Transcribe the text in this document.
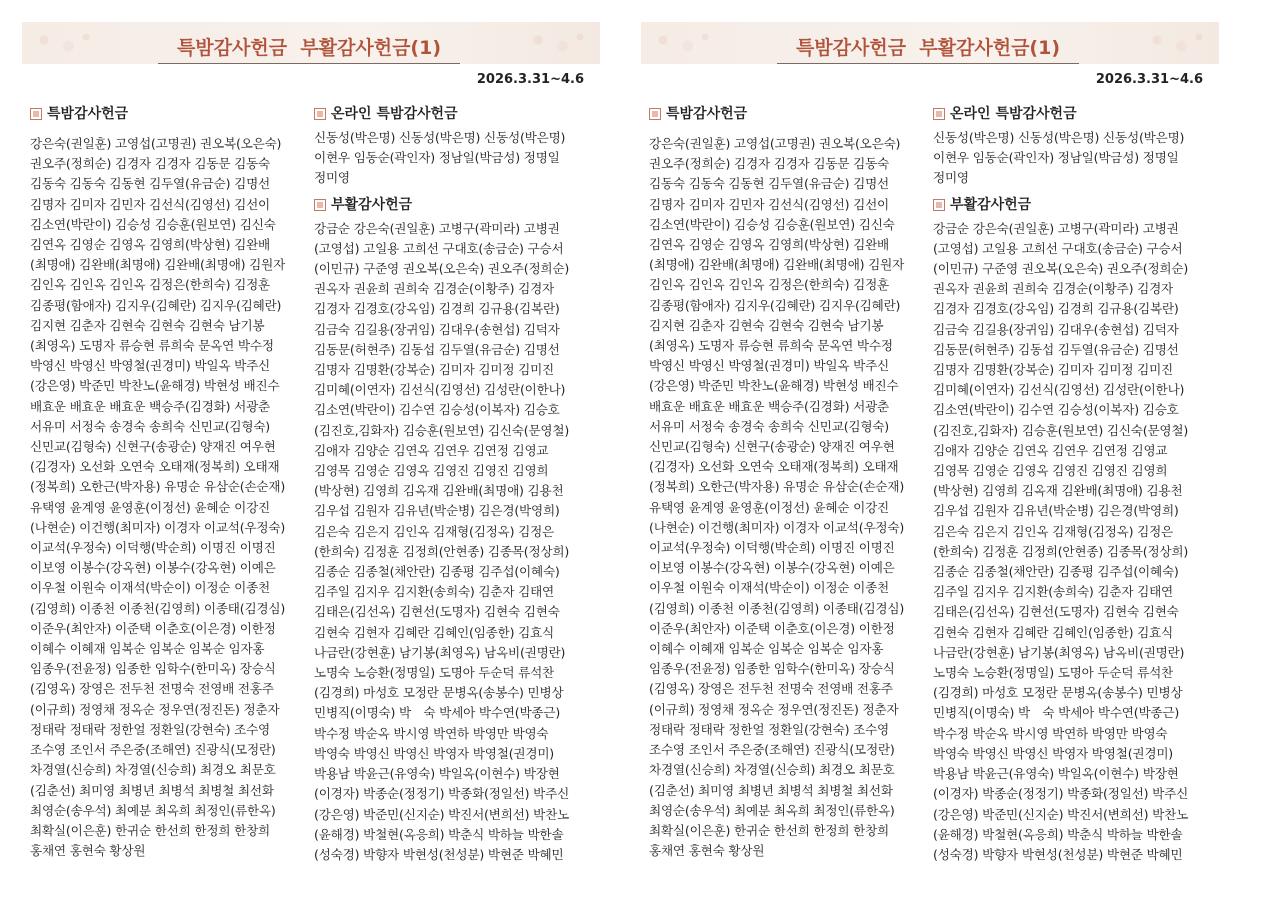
특밤감사헌금  부활감사헌금(1)
2026.3.31~4.6
특밤감사헌금
강은숙(권일훈) 고영섭(고명권) 권오복(오은숙)
권오주(정희순) 김경자 김경자 김동문 김동숙
김동숙 김동숙 김동현 김두열(유금순) 김명선
김명자 김미자 김민자 김선식(김영선) 김선이
김소연(박란이) 김승성 김승훈(원보연) 김신숙
김연옥 김영순 김영옥 김영희(박상현) 김완배
(최명애) 김완배(최명애) 김완배(최명애) 김원자
김인옥 김인옥 김인옥 김정은(한희숙) 김정훈
김종평(함애자) 김지우(김혜란) 김지우(김혜란)
김지현 김춘자 김현숙 김현숙 김현숙 남기봉
(최영옥) 도명자 류승현 류희숙 문옥연 박수정
박영신 박영신 박영철(권경미) 박일옥 박주신
(강은영) 박준민 박찬노(윤해경) 박현성 배진수
배효운 배효운 배효운 백승주(김경화) 서광춘
서유미 서정숙 송경숙 송희숙 신민교(김형숙)
신민교(김형숙) 신현구(송광순) 양재진 여우현
(김경자) 오선화 오연숙 오태재(정복희) 오태재
(정복희) 오한근(박자용) 유명순 유삼순(손순재)
유택영 윤계영 윤영훈(이정선) 윤혜순 이강진
(나현순) 이건행(최미자) 이경자 이교석(우정숙)
이교석(우정숙) 이덕행(박순희) 이명진 이명진
이보영 이봉수(강옥현) 이봉수(강옥현) 이예은
이우철 이원숙 이재석(박순이) 이정순 이종천
(김영희) 이종천 이종천(김영희) 이종태(김경심)
이준우(최안자) 이준택 이춘호(이은경) 이한정
이혜수 이혜재 임복순 임복순 임복순 임자홍
임종우(전윤정) 임종한 임학수(한미옥) 장승식
(김영옥) 장영은 전두천 전명숙 전영배 전홍주
(이규희) 정영채 정옥순 정우연(정진돈) 정춘자
정태락 정태락 정한얼 정환일(강현숙) 조수영
조수영 조인서 주은중(조해연) 진광식(모정란)
차경열(신승희) 차경열(신승희) 최경오 최문호
(김춘선) 최미영 최병년 최병석 최병철 최선화
최영순(송우석) 최예분 최옥희 최정인(류한옥)
최확실(이은훈) 한귀순 한선희 한정희 한창희
홍채연 홍현숙 황상원
온라인 특밤감사헌금
신동성(박은명) 신동성(박은명) 신동성(박은명)
이현우 임동순(곽인자) 정남일(박금성) 정명일
정미영
부활감사헌금
강금순 강은숙(권일훈) 고병구(곽미라) 고병권
(고영섭) 고일용 고희선 구대호(송금순) 구승서
(이민규) 구준영 권오복(오은숙) 권오주(정희순)
권옥자 권윤희 권희숙 김경순(이황주) 김경자
김경자 김경호(강옥임) 김경희 김규용(김복란)
김금숙 김길용(장귀임) 김대우(송현섭) 김덕자
김동문(허현주) 김동섭 김두열(유금순) 김명선
김명자 김명환(강복순) 김미자 김미정 김미진
김미혜(이연자) 김선식(김영선) 김성란(이한나)
김소연(박란이) 김수연 김승성(이복자) 김승호
(김진호,김화자) 김승훈(원보연) 김신숙(문영철)
김애자 김양순 김연옥 김연우 김연정 김영교
김영목 김영순 김영옥 김영진 김영진 김영희
(박상현) 김영희 김옥재 김완배(최명애) 김용천
김우섭 김원자 김유년(박순병) 김은경(박영희)
김은숙 김은지 김인옥 김재형(김정옥) 김정은
(한희숙) 김정훈 김정희(안현종) 김종목(정상희)
김종순 김종철(채안란) 김종평 김주섭(이혜숙)
김주일 김지우 김지환(송희숙) 김춘자 김태연
김태은(김선옥) 김현선(도명자) 김현숙 김현숙
김현숙 김현자 김혜란 김혜인(임종한) 김효식
나금란(강현훈) 남기봉(최영옥) 남옥비(권명란)
노명숙 노승환(정명일) 도명아 두순덕 류석찬
(김경희) 마성호 모정란 문병옥(송봉수) 민병상
민병직(이명숙) 박　숙 박세아 박수연(박종근)
박수정 박순옥 박시영 박연하 박영만 박영숙
박영숙 박영신 박영신 박영자 박영철(권경미)
박용남 박윤근(유영숙) 박일옥(이현수) 박장현
(이경자) 박종순(정정기) 박종화(정일선) 박주신
(강은영) 박준민(신지순) 박진서(변희선) 박찬노
(윤해경) 박철현(옥응희) 박춘식 박하늘 박한솔
(성숙경) 박향자 박현성(천성분) 박현준 박혜민
특밤감사헌금  부활감사헌금(1)
2026.3.31~4.6
특밤감사헌금
강은숙(권일훈) 고영섭(고명권) 권오복(오은숙)
권오주(정희순) 김경자 김경자 김동문 김동숙
김동숙 김동숙 김동현 김두열(유금순) 김명선
김명자 김미자 김민자 김선식(김영선) 김선이
김소연(박란이) 김승성 김승훈(원보연) 김신숙
김연옥 김영순 김영옥 김영희(박상현) 김완배
(최명애) 김완배(최명애) 김완배(최명애) 김원자
김인옥 김인옥 김인옥 김정은(한희숙) 김정훈
김종평(함애자) 김지우(김혜란) 김지우(김혜란)
김지현 김춘자 김현숙 김현숙 김현숙 남기봉
(최영옥) 도명자 류승현 류희숙 문옥연 박수정
박영신 박영신 박영철(권경미) 박일옥 박주신
(강은영) 박준민 박찬노(윤해경) 박현성 배진수
배효운 배효운 배효운 백승주(김경화) 서광춘
서유미 서정숙 송경숙 송희숙 신민교(김형숙)
신민교(김형숙) 신현구(송광순) 양재진 여우현
(김경자) 오선화 오연숙 오태재(정복희) 오태재
(정복희) 오한근(박자용) 유명순 유삼순(손순재)
유택영 윤계영 윤영훈(이정선) 윤혜순 이강진
(나현순) 이건행(최미자) 이경자 이교석(우정숙)
이교석(우정숙) 이덕행(박순희) 이명진 이명진
이보영 이봉수(강옥현) 이봉수(강옥현) 이예은
이우철 이원숙 이재석(박순이) 이정순 이종천
(김영희) 이종천 이종천(김영희) 이종태(김경심)
이준우(최안자) 이준택 이춘호(이은경) 이한정
이혜수 이혜재 임복순 임복순 임복순 임자홍
임종우(전윤정) 임종한 임학수(한미옥) 장승식
(김영옥) 장영은 전두천 전명숙 전영배 전홍주
(이규희) 정영채 정옥순 정우연(정진돈) 정춘자
정태락 정태락 정한얼 정환일(강현숙) 조수영
조수영 조인서 주은중(조해연) 진광식(모정란)
차경열(신승희) 차경열(신승희) 최경오 최문호
(김춘선) 최미영 최병년 최병석 최병철 최선화
최영순(송우석) 최예분 최옥희 최정인(류한옥)
최확실(이은훈) 한귀순 한선희 한정희 한창희
홍채연 홍현숙 황상원
온라인 특밤감사헌금
신동성(박은명) 신동성(박은명) 신동성(박은명)
이현우 임동순(곽인자) 정남일(박금성) 정명일
정미영
부활감사헌금
강금순 강은숙(권일훈) 고병구(곽미라) 고병권
(고영섭) 고일용 고희선 구대호(송금순) 구승서
(이민규) 구준영 권오복(오은숙) 권오주(정희순)
권옥자 권윤희 권희숙 김경순(이황주) 김경자
김경자 김경호(강옥임) 김경희 김규용(김복란)
김금숙 김길용(장귀임) 김대우(송현섭) 김덕자
김동문(허현주) 김동섭 김두열(유금순) 김명선
김명자 김명환(강복순) 김미자 김미정 김미진
김미혜(이연자) 김선식(김영선) 김성란(이한나)
김소연(박란이) 김수연 김승성(이복자) 김승호
(김진호,김화자) 김승훈(원보연) 김신숙(문영철)
김애자 김양순 김연옥 김연우 김연정 김영교
김영목 김영순 김영옥 김영진 김영진 김영희
(박상현) 김영희 김옥재 김완배(최명애) 김용천
김우섭 김원자 김유년(박순병) 김은경(박영희)
김은숙 김은지 김인옥 김재형(김정옥) 김정은
(한희숙) 김정훈 김정희(안현종) 김종목(정상희)
김종순 김종철(채안란) 김종평 김주섭(이혜숙)
김주일 김지우 김지환(송희숙) 김춘자 김태연
김태은(김선옥) 김현선(도명자) 김현숙 김현숙
김현숙 김현자 김혜란 김혜인(임종한) 김효식
나금란(강현훈) 남기봉(최영옥) 남옥비(권명란)
노명숙 노승환(정명일) 도명아 두순덕 류석찬
(김경희) 마성호 모정란 문병옥(송봉수) 민병상
민병직(이명숙) 박　숙 박세아 박수연(박종근)
박수정 박순옥 박시영 박연하 박영만 박영숙
박영숙 박영신 박영신 박영자 박영철(권경미)
박용남 박윤근(유영숙) 박일옥(이현수) 박장현
(이경자) 박종순(정정기) 박종화(정일선) 박주신
(강은영) 박준민(신지순) 박진서(변희선) 박찬노
(윤해경) 박철현(옥응희) 박춘식 박하늘 박한솔
(성숙경) 박향자 박현성(천성분) 박현준 박혜민
